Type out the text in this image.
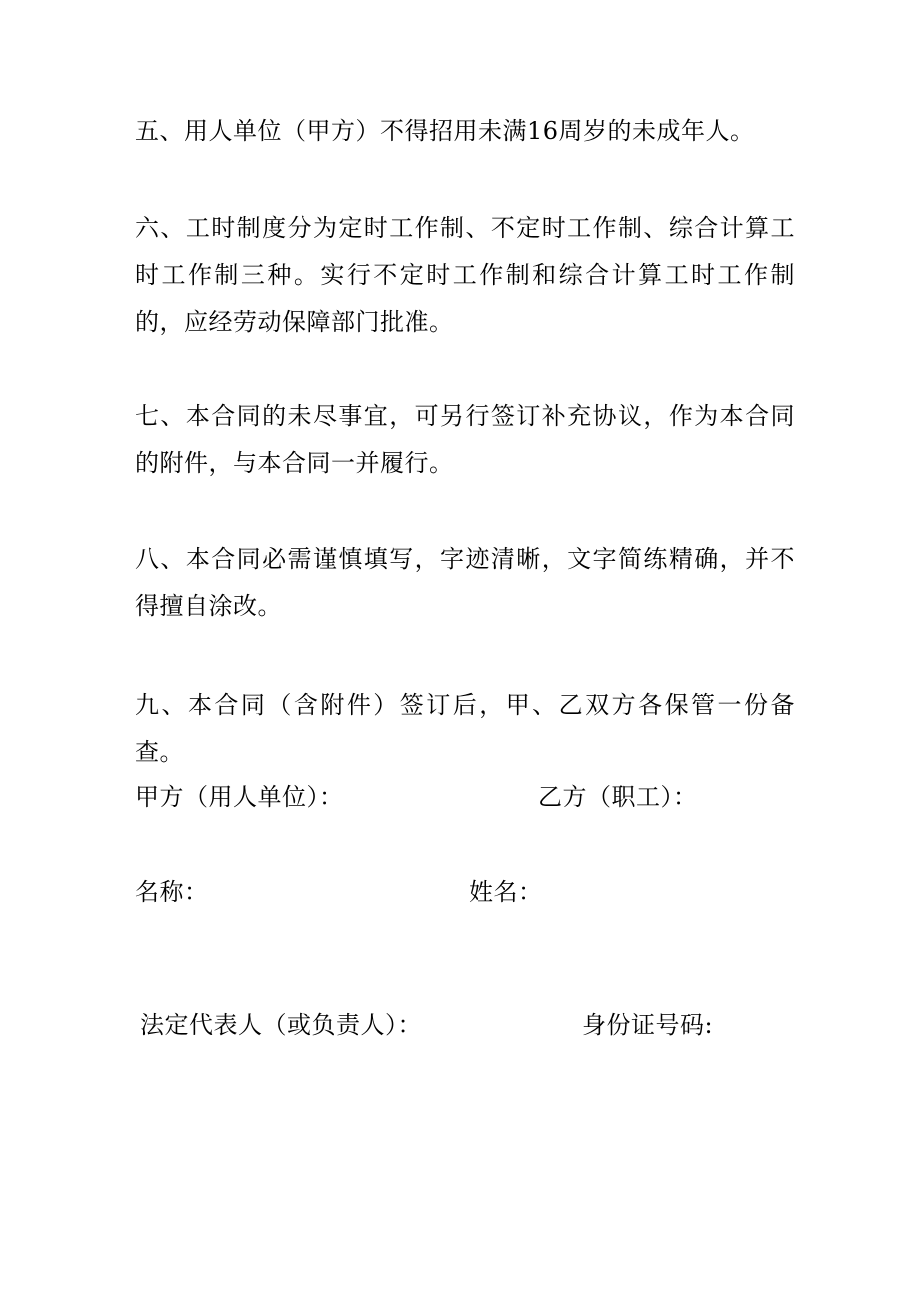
五、用人单位（甲方）不得招用未满16周岁的未成年人。

六、工时制度分为定时工作制、不定时工作制、综合计算工时工作制三种。实行不定时工作制和综合计算工时工作制的，应经劳动保障部门批准。

七、本合同的未尽事宜，可另行签订补充协议，作为本合同的附件，与本合同一并履行。

八、本合同必需谨慎填写，字迹清晰，文字简练精确，并不得擅自涂改。

九、本合同（含附件）签订后，甲、乙双方各保管一份备查。

甲方（用人单位）：	乙方（职工）：

名称：	姓名：

法定代表人（或负责人）：	身份证号码:
